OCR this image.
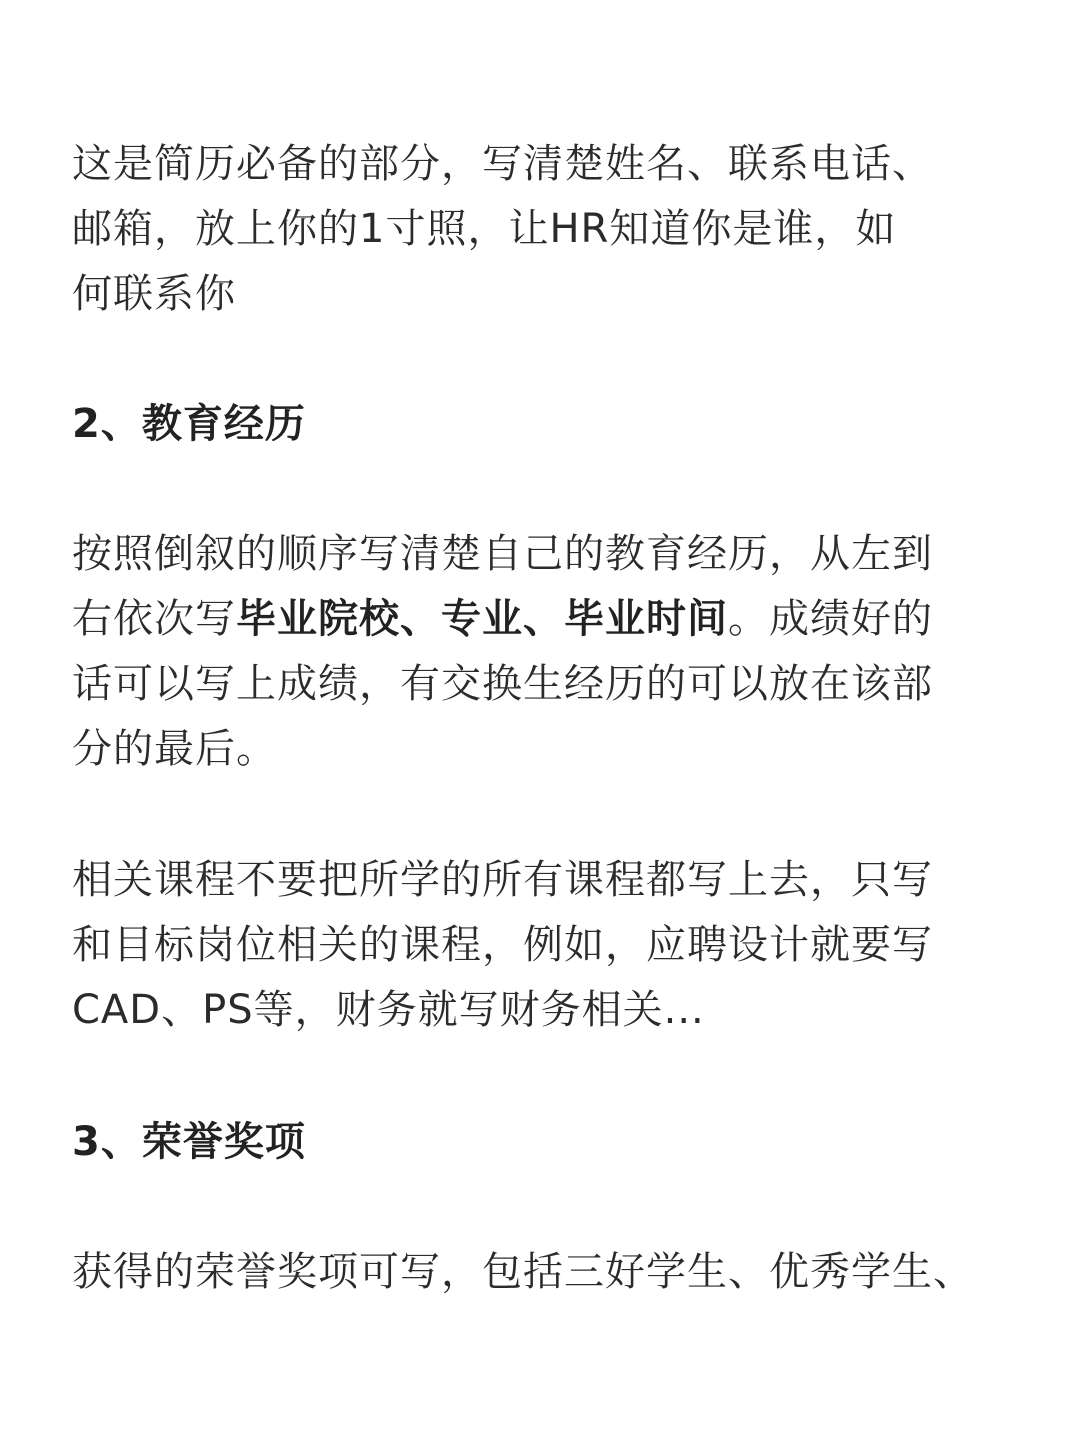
这是简历必备的部分，写清楚姓名、联系电话、
邮箱，放上你的1寸照，让HR知道你是谁，如
何联系你

2、教育经历

按照倒叙的顺序写清楚自己的教育经历，从左到
右依次写毕业院校、专业、毕业时间。成绩好的
话可以写上成绩，有交换生经历的可以放在该部
分的最后。

相关课程不要把所学的所有课程都写上去，只写
和目标岗位相关的课程，例如，应聘设计就要写
CAD、PS等，财务就写财务相关...

3、荣誉奖项

获得的荣誉奖项可写，包括三好学生、优秀学生、
